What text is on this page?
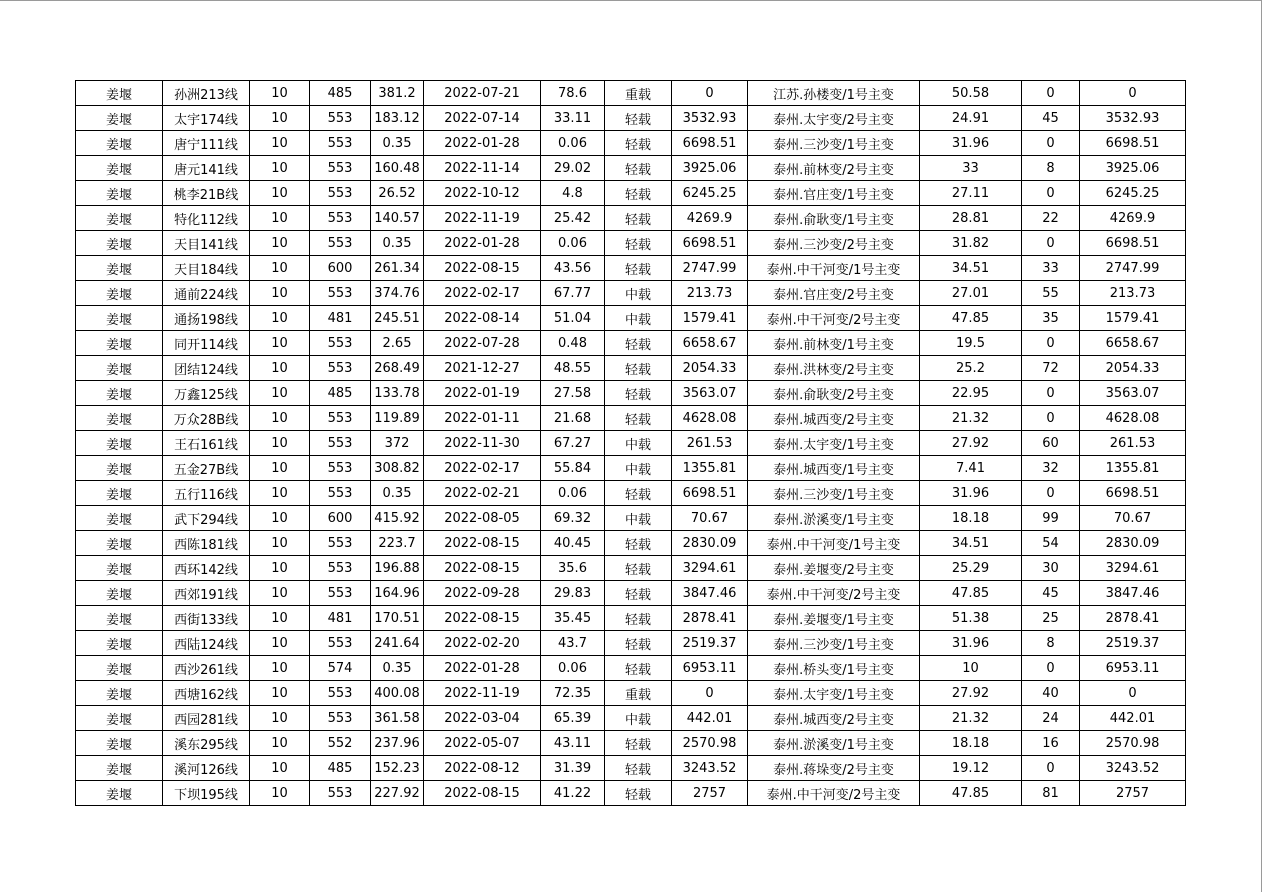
姜堰	孙洲213线	10	485	381.2	2022-07-21	78.6	重载	0	江苏.孙楼变/1号主变	50.58	0	0
姜堰	太宇174线	10	553	183.12	2022-07-14	33.11	轻载	3532.93	泰州.太宇变/2号主变	24.91	45	3532.93
姜堰	唐宁111线	10	553	0.35	2022-01-28	0.06	轻载	6698.51	泰州.三沙变/1号主变	31.96	0	6698.51
姜堰	唐元141线	10	553	160.48	2022-11-14	29.02	轻载	3925.06	泰州.前林变/2号主变	33	8	3925.06
姜堰	桃李21B线	10	553	26.52	2022-10-12	4.8	轻载	6245.25	泰州.官庄变/1号主变	27.11	0	6245.25
姜堰	特化112线	10	553	140.57	2022-11-19	25.42	轻载	4269.9	泰州.俞耿变/1号主变	28.81	22	4269.9
姜堰	天目141线	10	553	0.35	2022-01-28	0.06	轻载	6698.51	泰州.三沙变/2号主变	31.82	0	6698.51
姜堰	天目184线	10	600	261.34	2022-08-15	43.56	轻载	2747.99	泰州.中干河变/1号主变	34.51	33	2747.99
姜堰	通前224线	10	553	374.76	2022-02-17	67.77	中载	213.73	泰州.官庄变/2号主变	27.01	55	213.73
姜堰	通扬198线	10	481	245.51	2022-08-14	51.04	中载	1579.41	泰州.中干河变/2号主变	47.85	35	1579.41
姜堰	同开114线	10	553	2.65	2022-07-28	0.48	轻载	6658.67	泰州.前林变/1号主变	19.5	0	6658.67
姜堰	团结124线	10	553	268.49	2021-12-27	48.55	轻载	2054.33	泰州.洪林变/2号主变	25.2	72	2054.33
姜堰	万鑫125线	10	485	133.78	2022-01-19	27.58	轻载	3563.07	泰州.俞耿变/2号主变	22.95	0	3563.07
姜堰	万众28B线	10	553	119.89	2022-01-11	21.68	轻载	4628.08	泰州.城西变/2号主变	21.32	0	4628.08
姜堰	王石161线	10	553	372	2022-11-30	67.27	中载	261.53	泰州.太宇变/1号主变	27.92	60	261.53
姜堰	五金27B线	10	553	308.82	2022-02-17	55.84	中载	1355.81	泰州.城西变/1号主变	7.41	32	1355.81
姜堰	五行116线	10	553	0.35	2022-02-21	0.06	轻载	6698.51	泰州.三沙变/1号主变	31.96	0	6698.51
姜堰	武下294线	10	600	415.92	2022-08-05	69.32	中载	70.67	泰州.淤溪变/1号主变	18.18	99	70.67
姜堰	西陈181线	10	553	223.7	2022-08-15	40.45	轻载	2830.09	泰州.中干河变/1号主变	34.51	54	2830.09
姜堰	西环142线	10	553	196.88	2022-08-15	35.6	轻载	3294.61	泰州.姜堰变/2号主变	25.29	30	3294.61
姜堰	西郊191线	10	553	164.96	2022-09-28	29.83	轻载	3847.46	泰州.中干河变/2号主变	47.85	45	3847.46
姜堰	西街133线	10	481	170.51	2022-08-15	35.45	轻载	2878.41	泰州.姜堰变/1号主变	51.38	25	2878.41
姜堰	西陆124线	10	553	241.64	2022-02-20	43.7	轻载	2519.37	泰州.三沙变/1号主变	31.96	8	2519.37
姜堰	西沙261线	10	574	0.35	2022-01-28	0.06	轻载	6953.11	泰州.桥头变/1号主变	10	0	6953.11
姜堰	西塘162线	10	553	400.08	2022-11-19	72.35	重载	0	泰州.太宇变/1号主变	27.92	40	0
姜堰	西园281线	10	553	361.58	2022-03-04	65.39	中载	442.01	泰州.城西变/2号主变	21.32	24	442.01
姜堰	溪东295线	10	552	237.96	2022-05-07	43.11	轻载	2570.98	泰州.淤溪变/1号主变	18.18	16	2570.98
姜堰	溪河126线	10	485	152.23	2022-08-12	31.39	轻载	3243.52	泰州.蒋垛变/2号主变	19.12	0	3243.52
姜堰	下坝195线	10	553	227.92	2022-08-15	41.22	轻载	2757	泰州.中干河变/2号主变	47.85	81	2757
